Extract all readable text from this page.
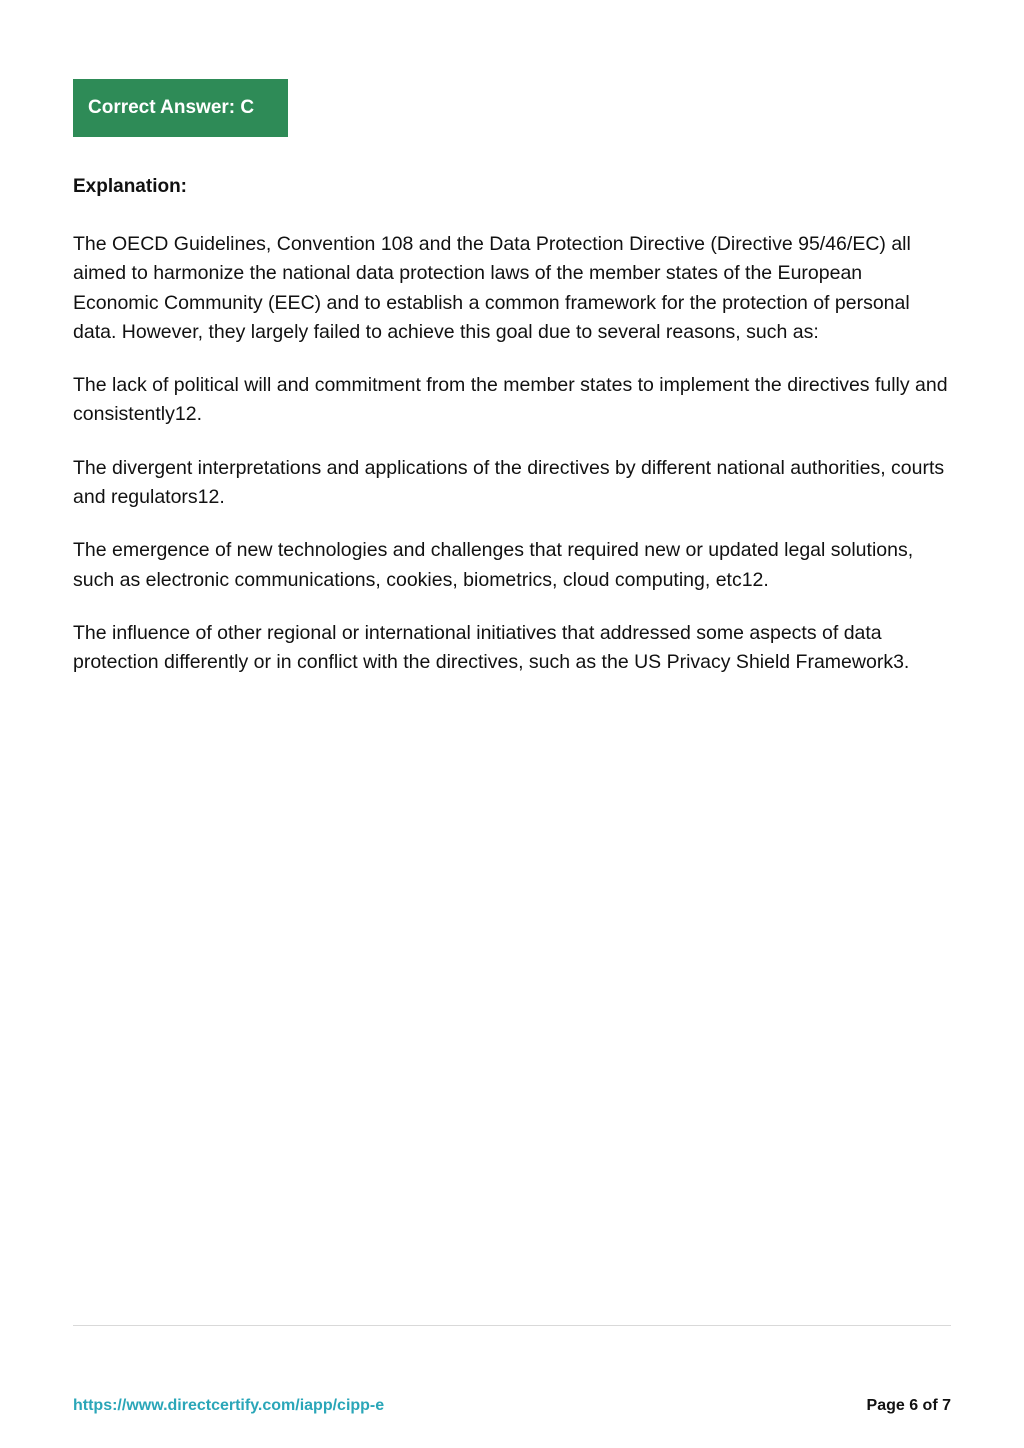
Correct Answer: C

Explanation:

The OECD Guidelines, Convention 108 and the Data Protection Directive (Directive 95/46/EC) all aimed to harmonize the national data protection laws of the member states of the European Economic Community (EEC) and to establish a common framework for the protection of personal data. However, they largely failed to achieve this goal due to several reasons, such as:

The lack of political will and commitment from the member states to implement the directives fully and consistently12.

The divergent interpretations and applications of the directives by different national authorities, courts and regulators12.

The emergence of new technologies and challenges that required new or updated legal solutions, such as electronic communications, cookies, biometrics, cloud computing, etc12.

The influence of other regional or international initiatives that addressed some aspects of data protection differently or in conflict with the directives, such as the US Privacy Shield Framework3.

https://www.directcertify.com/iapp/cipp-e	Page 6 of 7
